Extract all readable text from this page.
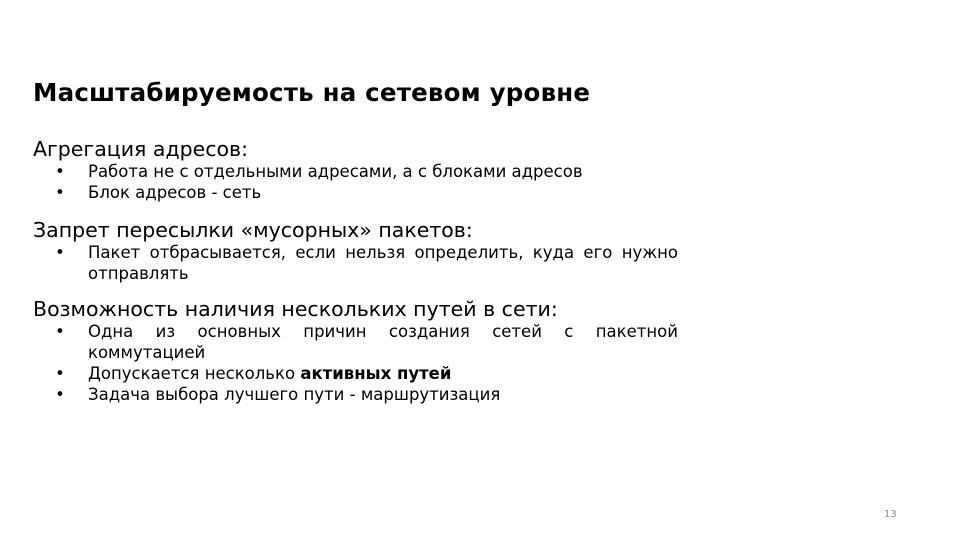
Масштабируемость на сетевом уровне
Агрегация адресов:
• Работа не с отдельными адресами, а с блоками адресов
• Блок адресов - сеть
Запрет пересылки «мусорных» пакетов:
• Пакет отбрасывается, если нельзя определить, куда его нужно отправлять
Возможность наличия нескольких путей в сети:
• Одна из основных причин создания сетей с пакетной коммутацией
• Допускается несколько активных путей
• Задача выбора лучшего пути - маршрутизация
13
